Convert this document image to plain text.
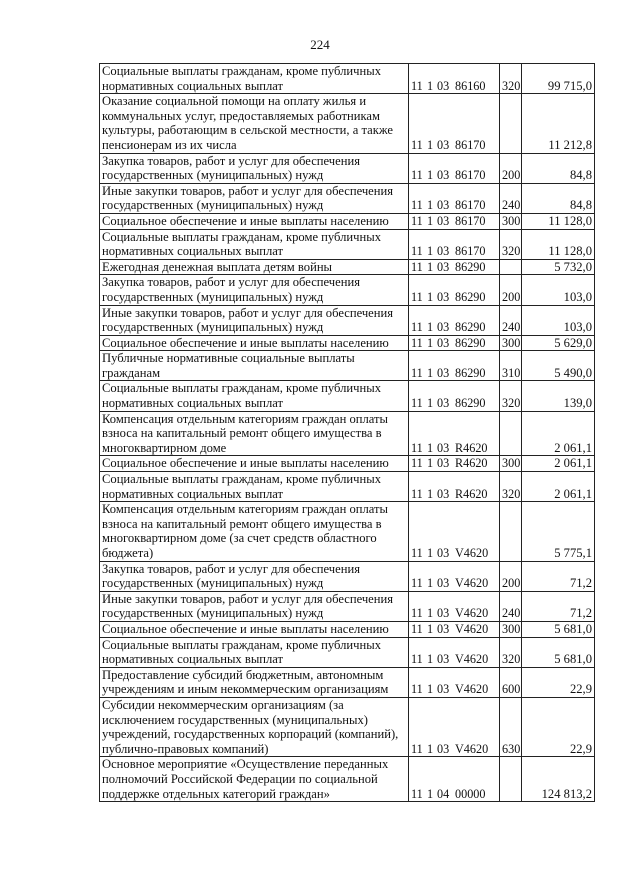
224
Социальные выплаты гражданам, кроме публичных нормативных социальных выплат	11 1 03 86160	320	99 715,0
Оказание социальной помощи на оплату жилья и коммунальных услуг, предоставляемых работникам культуры, работающим в сельской местности, а также пенсионерам из их числа	11 1 03 86170		11 212,8
Закупка товаров, работ и услуг для обеспечения государственных (муниципальных) нужд	11 1 03 86170	200	84,8
Иные закупки товаров, работ и услуг для обеспечения государственных (муниципальных) нужд	11 1 03 86170	240	84,8
Социальное обеспечение и иные выплаты населению	11 1 03 86170	300	11 128,0
Социальные выплаты гражданам, кроме публичных нормативных социальных выплат	11 1 03 86170	320	11 128,0
Ежегодная денежная выплата детям войны	11 1 03 86290		5 732,0
Закупка товаров, работ и услуг для обеспечения государственных (муниципальных) нужд	11 1 03 86290	200	103,0
Иные закупки товаров, работ и услуг для обеспечения государственных (муниципальных) нужд	11 1 03 86290	240	103,0
Социальное обеспечение и иные выплаты населению	11 1 03 86290	300	5 629,0
Публичные нормативные социальные выплаты гражданам	11 1 03 86290	310	5 490,0
Социальные выплаты гражданам, кроме публичных нормативных социальных выплат	11 1 03 86290	320	139,0
Компенсация отдельным категориям граждан оплаты взноса на капитальный ремонт общего имущества в многоквартирном доме	11 1 03 R4620		2 061,1
Социальное обеспечение и иные выплаты населению	11 1 03 R4620	300	2 061,1
Социальные выплаты гражданам, кроме публичных нормативных социальных выплат	11 1 03 R4620	320	2 061,1
Компенсация отдельным категориям граждан оплаты взноса на капитальный ремонт общего имущества в многоквартирном доме (за счет средств областного бюджета)	11 1 03 V4620		5 775,1
Закупка товаров, работ и услуг для обеспечения государственных (муниципальных) нужд	11 1 03 V4620	200	71,2
Иные закупки товаров, работ и услуг для обеспечения государственных (муниципальных) нужд	11 1 03 V4620	240	71,2
Социальное обеспечение и иные выплаты населению	11 1 03 V4620	300	5 681,0
Социальные выплаты гражданам, кроме публичных нормативных социальных выплат	11 1 03 V4620	320	5 681,0
Предоставление субсидий бюджетным, автономным учреждениям и иным некоммерческим организациям	11 1 03 V4620	600	22,9
Субсидии некоммерческим организациям (за исключением государственных (муниципальных) учреждений, государственных корпораций (компаний), публично-правовых компаний)	11 1 03 V4620	630	22,9
Основное мероприятие «Осуществление переданных полномочий Российской Федерации по социальной поддержке отдельных категорий граждан»	11 1 04 00000		124 813,2
